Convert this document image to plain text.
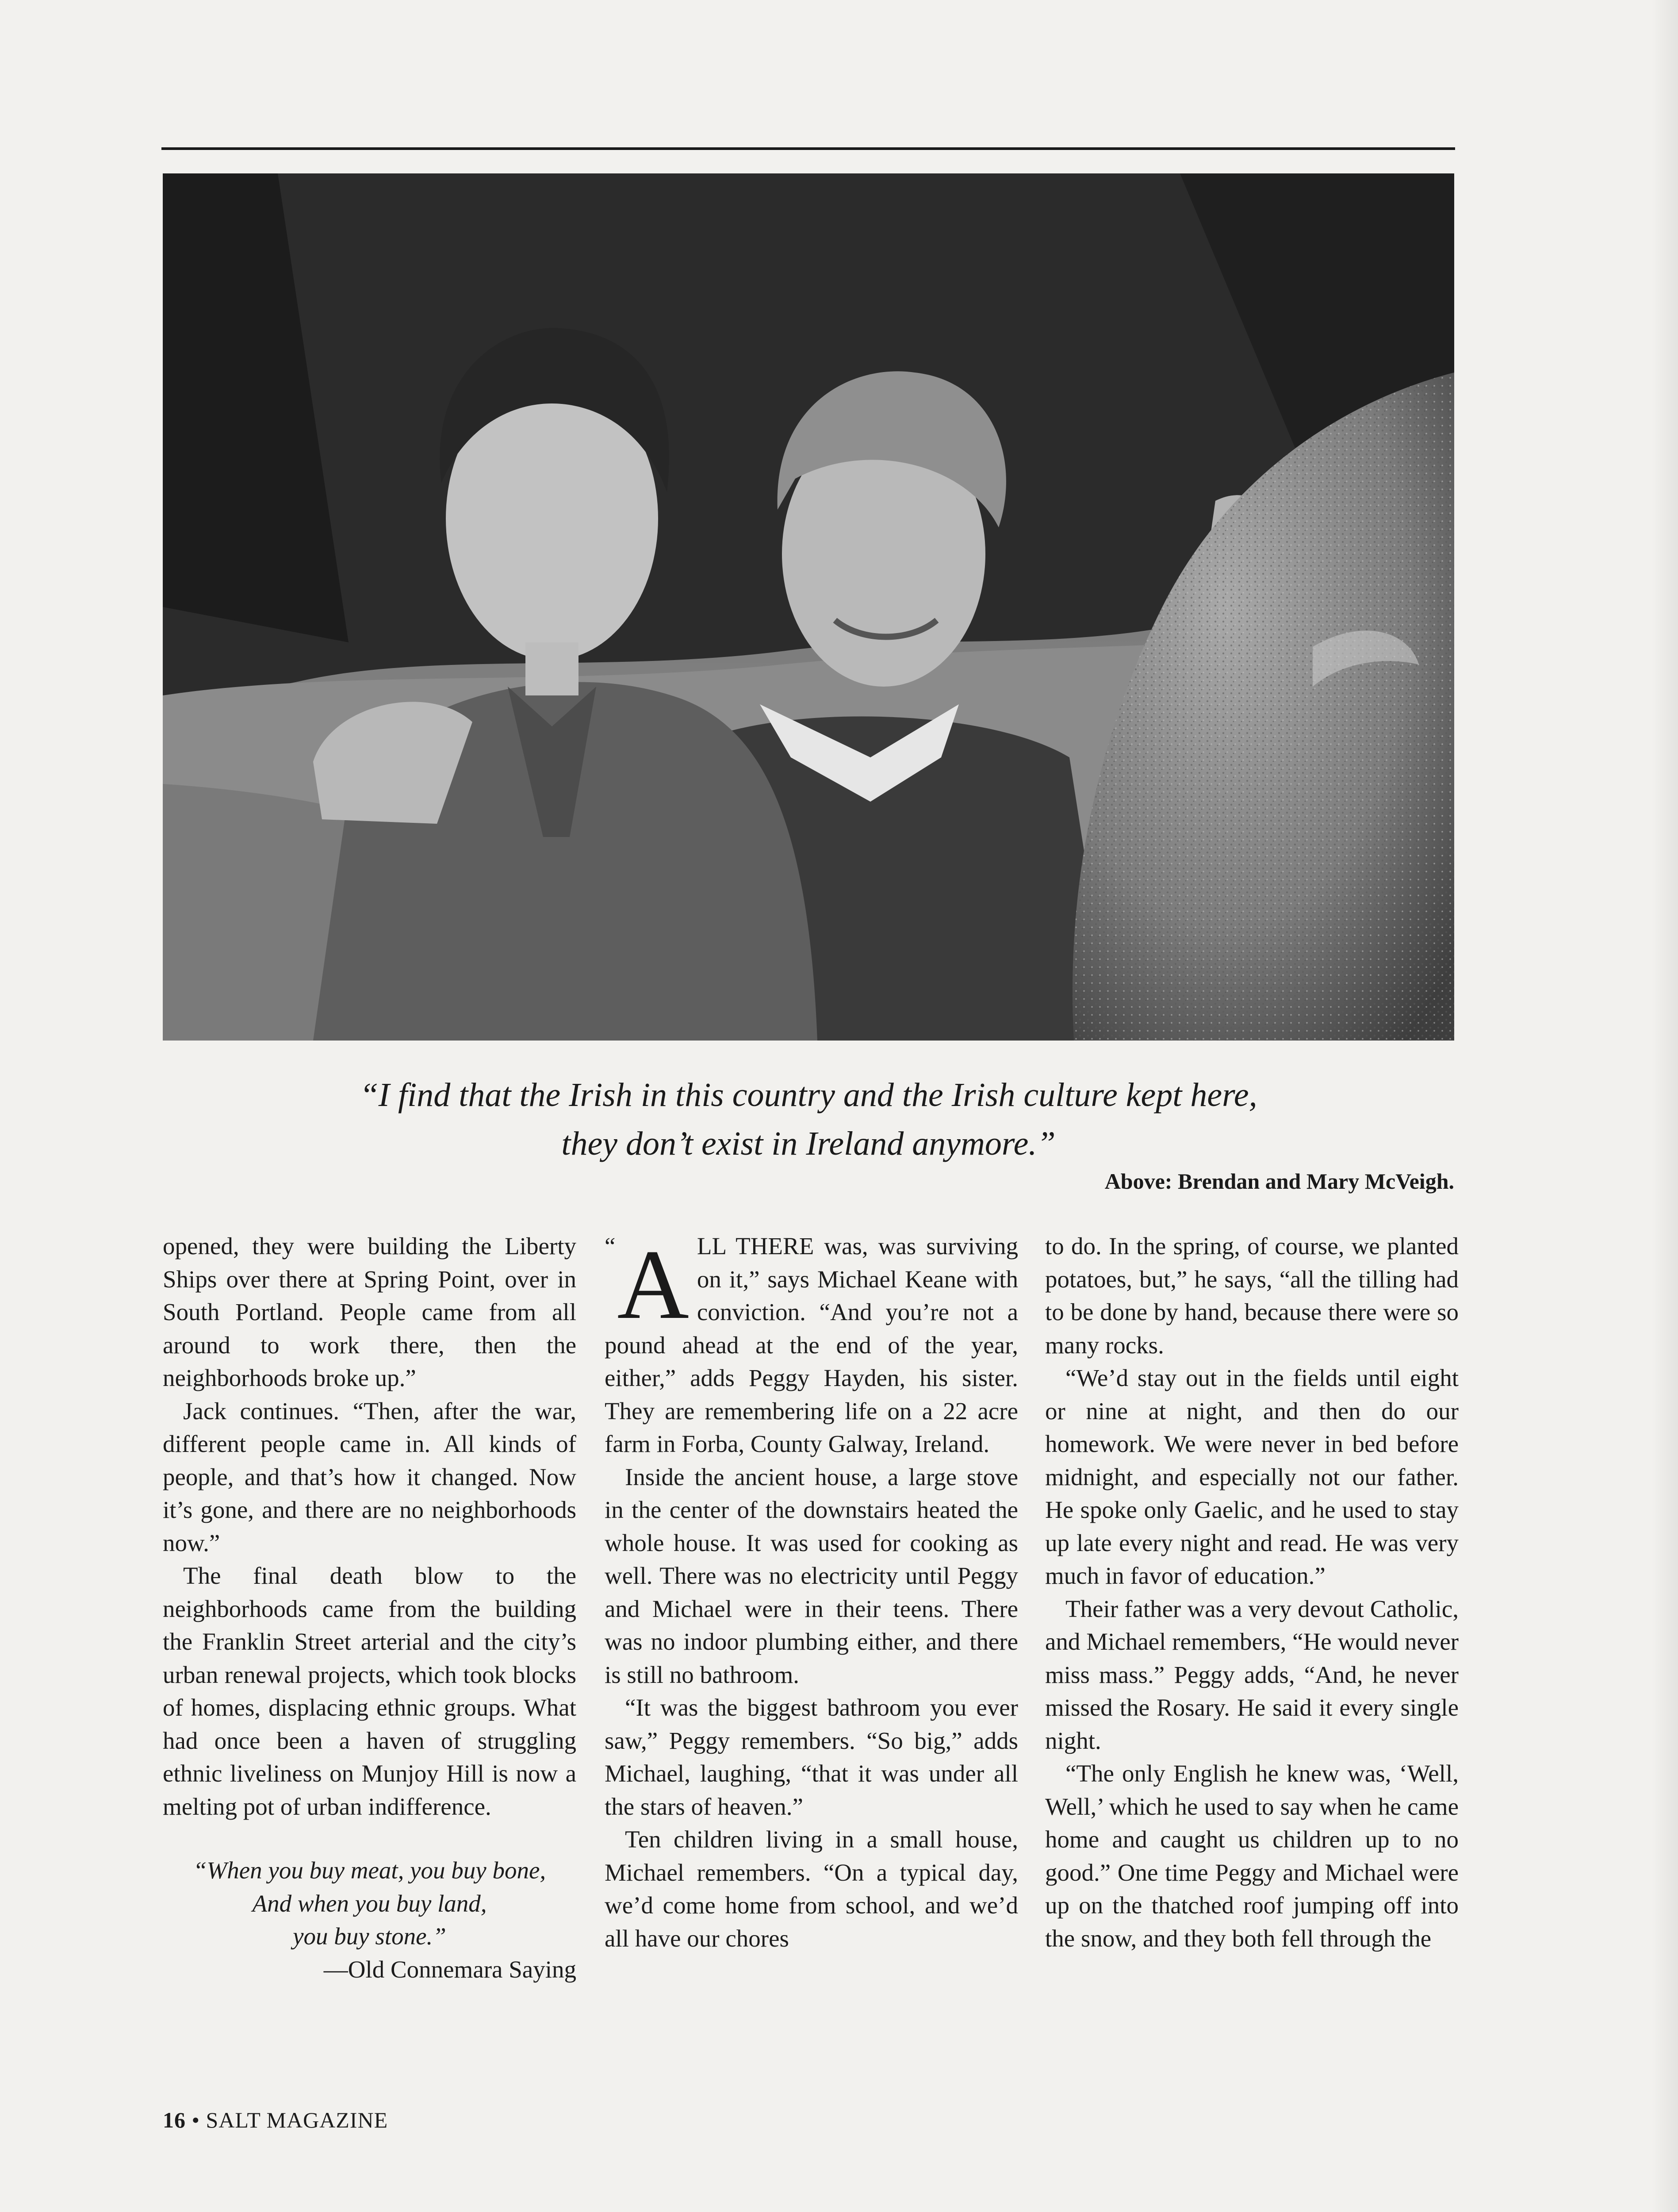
“I find that the Irish in this country and the Irish culture kept here,
they don’t exist in Ireland anymore.”
Above: Brendan and Mary McVeigh.

opened, they were building the Liberty Ships over there at Spring Point, over in South Portland. People came from all around to work there, then the neighborhoods broke up.”

Jack continues. “Then, after the war, different people came in. All kinds of people, and that’s how it changed. Now it’s gone, and there are no neighborhoods now.”

The final death blow to the neighborhoods came from the building the Franklin Street arterial and the city’s urban renewal projects, which took blocks of homes, displacing ethnic groups. What had once been a haven of struggling ethnic liveliness on Munjoy Hill is now a melting pot of urban indifference.

“When you buy meat, you buy bone,
And when you buy land,
you buy stone.”
—Old Connemara Saying

“ A LL THERE was, was surviving on it,” says Michael Keane with conviction. “And you’re not a pound ahead at the end of the year, either,” adds Peggy Hayden, his sister. They are remembering life on a 22 acre farm in Forba, County Galway, Ireland.

Inside the ancient house, a large stove in the center of the downstairs heated the whole house. It was used for cooking as well. There was no electricity until Peggy and Michael were in their teens. There was no indoor plumbing either, and there is still no bathroom.

“It was the biggest bathroom you ever saw,” Peggy remembers. “So big,” adds Michael, laughing, “that it was under all the stars of heaven.”

Ten children living in a small house, Michael remembers. “On a typical day, we’d come home from school, and we’d all have our chores

to do. In the spring, of course, we planted potatoes, but,” he says, “all the tilling had to be done by hand, because there were so many rocks.

“We’d stay out in the fields until eight or nine at night, and then do our homework. We were never in bed before midnight, and especially not our father. He spoke only Gaelic, and he used to stay up late every night and read. He was very much in favor of education.”

Their father was a very devout Catholic, and Michael remembers, “He would never miss mass.” Peggy adds, “And, he never missed the Rosary. He said it every single night.

“The only English he knew was, ‘Well, Well,’ which he used to say when he came home and caught us children up to no good.” One time Peggy and Michael were up on the thatched roof jumping off into the snow, and they both fell through the

16 • SALT MAGAZINE
